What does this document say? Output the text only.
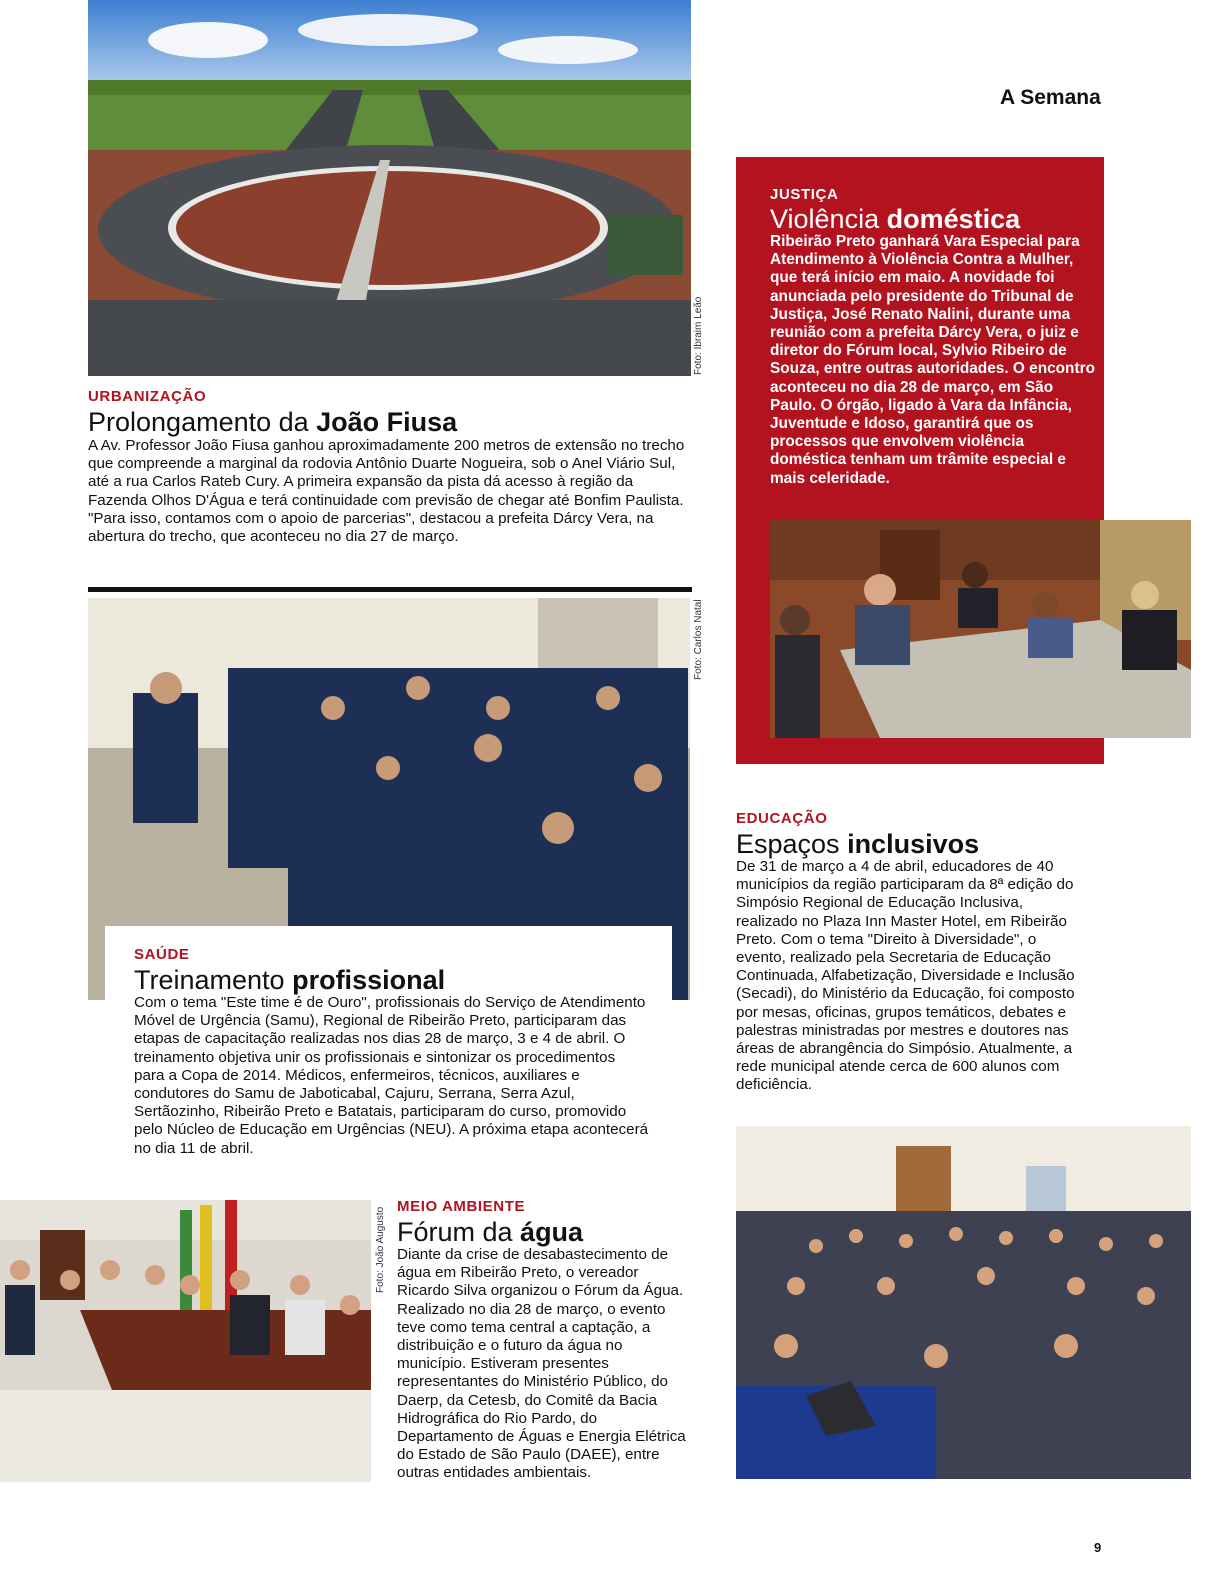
A Semana
Foto: Ibraim Leão
URBANIZAÇÃO
Prolongamento da João Fiusa
A Av. Professor João Fiusa ganhou aproximadamente 200 metros de extensão no trecho que compreende a marginal da rodovia Antônio Duarte Nogueira, sob o Anel Viário Sul, até a rua Carlos Rateb Cury. A primeira expansão da pista dá acesso à região da Fazenda Olhos D'Água e terá continuidade com previsão de chegar até Bonfim Paulista. "Para isso, contamos com o apoio de parcerias", destacou a prefeita Dárcy Vera, na abertura do trecho, que aconteceu no dia 27 de março.
JUSTIÇA
Violência doméstica
Ribeirão Preto ganhará Vara Especial para Atendimento à Violência Contra a Mulher, que terá início em maio. A novidade foi anunciada pelo presidente do Tribunal de Justiça, José Renato Nalini, durante uma reunião com a prefeita Dárcy Vera, o juiz e diretor do Fórum local, Sylvio Ribeiro de Souza, entre outras autoridades. O encontro aconteceu no dia 28 de março, em São Paulo. O órgão, ligado à Vara da Infância, Juventude e Idoso, garantirá que os processos que envolvem violência doméstica tenham um trâmite especial e mais celeridade.
Foto: Carlos Natal
SAÚDE
Treinamento profissional
Com o tema "Este time é de Ouro", profissionais do Serviço de Atendimento Móvel de Urgência (Samu), Regional de Ribeirão Preto, participaram das etapas de capacitação realizadas nos dias 28 de março, 3 e 4 de abril. O treinamento objetiva unir os profissionais e sintonizar os procedimentos para a Copa de 2014. Médicos, enfermeiros, técnicos, auxiliares e condutores do Samu de Jaboticabal, Cajuru, Serrana, Serra Azul, Sertãozinho, Ribeirão Preto e Batatais, participaram do curso, promovido pelo Núcleo de Educação em Urgências (NEU). A próxima etapa acontecerá no dia 11 de abril.
EDUCAÇÃO
Espaços inclusivos
De 31 de março a 4 de abril, educadores de 40 municípios da região participaram da 8ª edição do Simpósio Regional de Educação Inclusiva, realizado no Plaza Inn Master Hotel, em Ribeirão Preto. Com o tema "Direito à Diversidade", o evento, realizado pela Secretaria de Educação Continuada, Alfabetização, Diversidade e Inclusão (Secadi), do Ministério da Educação, foi composto por mesas, oficinas, grupos temáticos, debates e palestras ministradas por mestres e doutores nas áreas de abrangência do Simpósio. Atualmente, a rede municipal atende cerca de 600 alunos com deficiência.
Foto: João Augusto
MEIO AMBIENTE
Fórum da água
Diante da crise de desabastecimento de água em Ribeirão Preto, o vereador Ricardo Silva organizou o Fórum da Água. Realizado no dia 28 de março, o evento teve como tema central a captação, a distribuição e o futuro da água no município. Estiveram presentes representantes do Ministério Público, do Daerp, da Cetesb, do Comitê da Bacia Hidrográfica do Rio Pardo, do Departamento de Águas e Energia Elétrica do Estado de São Paulo (DAEE), entre outras entidades ambientais.
9
